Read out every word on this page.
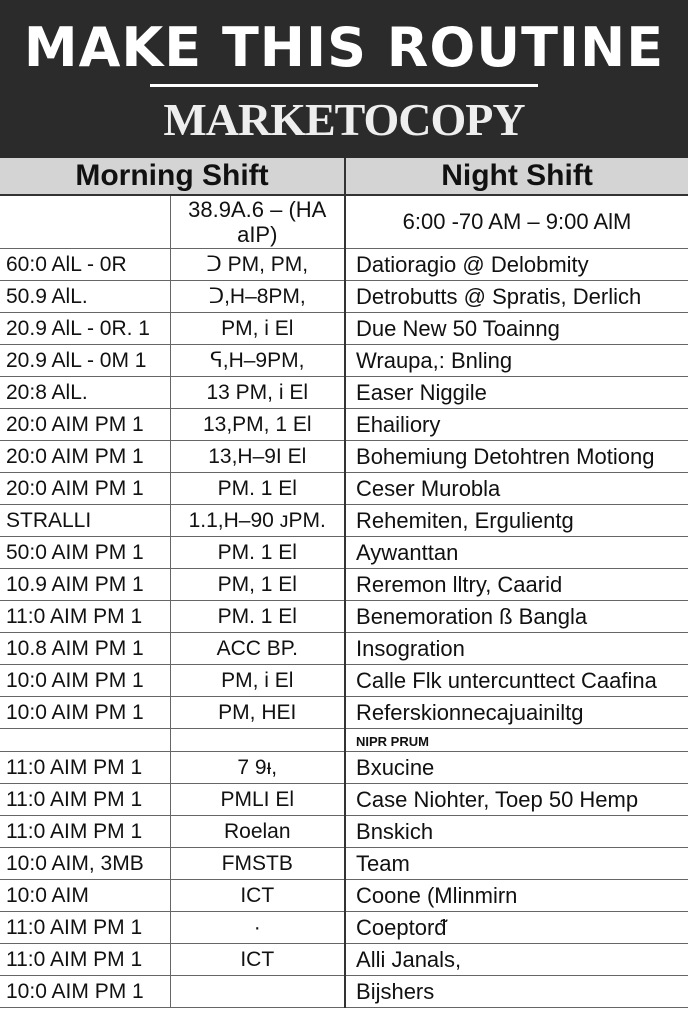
MAKE THIS ROUTINE
MARKETOCOPY
Morning Shift		Night Shift
	38.9A.6 – (HA aIP)	6:00 -70 AM – 9:00 AlM
60:0 AlL - 0R	ᑐ PM, PM,	Datioragio @ Delobmity
50.9 AlL.	ᑐ,H–8PM,	Detrobutts @ Spratis, Derlich
20.9 AlL - 0R. 1	PM, i El	Due New 50 Toainng
20.9 AlL - 0M 1	ᕋ,H–9PM,	Wraupa,: Bnling
20:8 AlL.	13 PM, i El	Easer Niggile
20:0 AIM PM 1	13,PM, 1 El	Ehailiory
20:0 AIM PM 1	13,H–9I El	Bohemiung Detohtren Motiong
20:0 AIM PM 1	PM. 1 El	Ceser Murobla
STRALLI	1.1,H–90 ᴊPM.	Rehemiten, Ergulientg
50:0 AIM PM 1	PM. 1 El	Aywanttan
10.9 AIM PM 1	PM, 1 El	Reremon lltry, Caarid
11:0 AIM PM 1	PM. 1 El	Benemoration ß Bangla
10.8 AIM PM 1	ACC BP.	Insogration
10:0 AIM PM 1	PM, i El	Calle Flk untercunttect Caafina
10:0 AIM PM 1	PM, HEI	Referskionnecajuainiltg
		NIPR PRUM
11:0 AIM PM 1	7 9ᵻ,	Bxucine
11:0 AIM PM 1	PMLI El	Case Niohter, Toep 50 Hemp
11:0 AIM PM 1	Roelan	Bnskich
10:0 AIM, 3MB	FMSTB	Team
10:0 AIM	ICT	Coone (Mlinmirn
11:0 AIM PM 1	·	Coeptorᵭ
11:0 AIM PM 1	ICT	Alli Janals,
10:0 AIM PM 1		Bijshers
